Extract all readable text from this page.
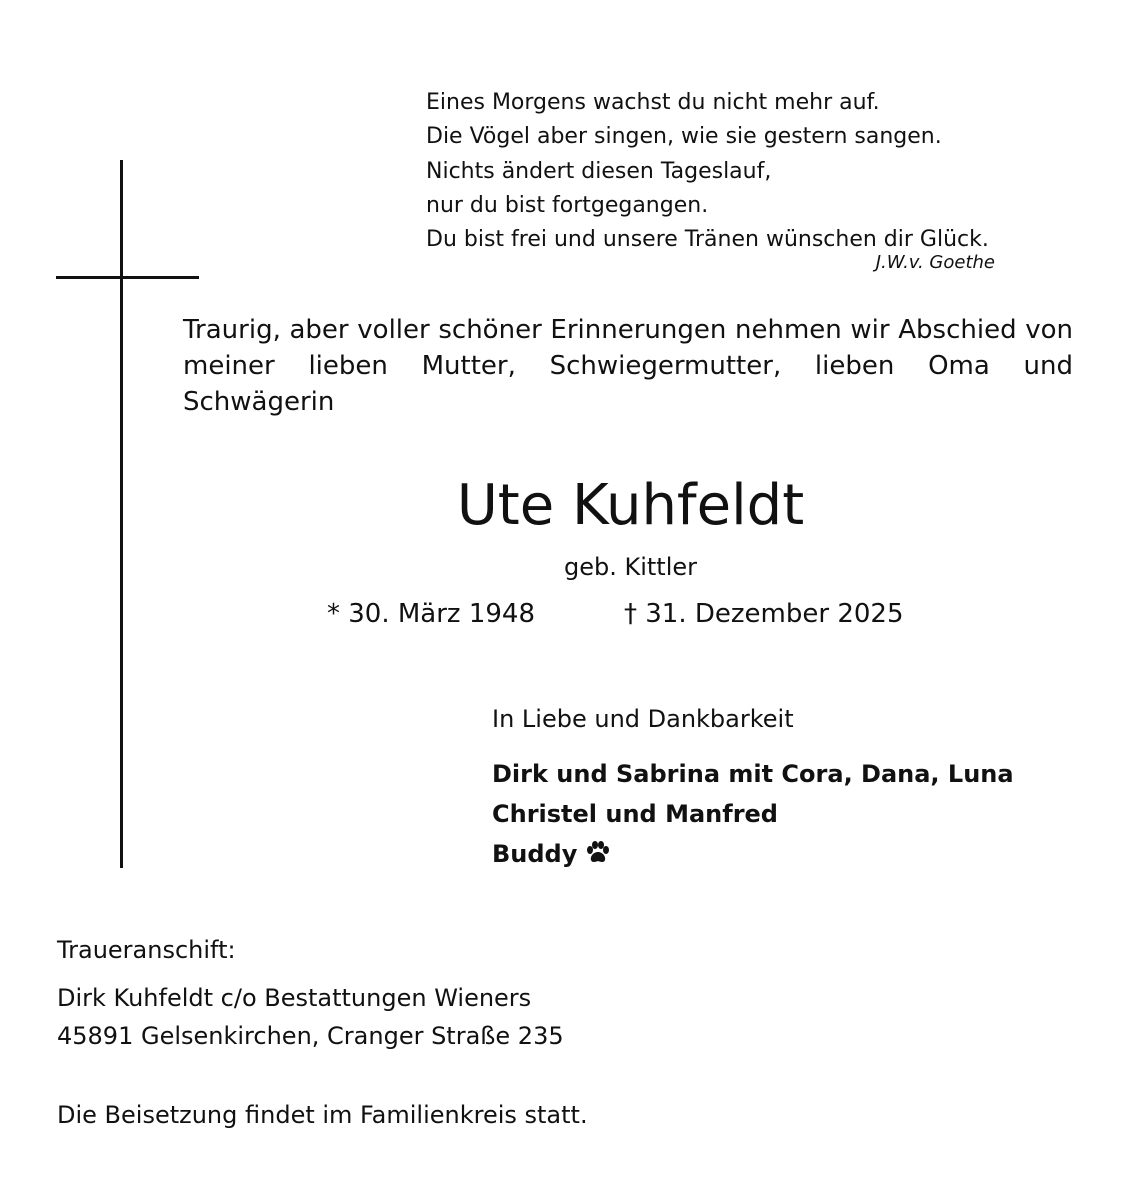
Eines Morgens wachst du nicht mehr auf.
Die Vögel aber singen, wie sie gestern sangen.
Nichts ändert diesen Tageslauf,
nur du bist fortgegangen.
Du bist frei und unsere Tränen wünschen dir Glück.
J.W.v. Goethe

Traurig, aber voller schöner Erinnerungen nehmen wir Abschied von meiner lieben Mutter, Schwiegermutter, lieben Oma und Schwägerin

Ute Kuhfeldt
geb. Kittler
* 30. März 1948	† 31. Dezember 2025
In Liebe und Dankbarkeit
Dirk und Sabrina mit Cora, Dana, Luna
Christel und Manfred
Buddy
Traueranschift:
Dirk Kuhfeldt c/o Bestattungen Wieners
45891 Gelsenkirchen, Cranger Straße 235
Die Beisetzung findet im Familienkreis statt.
